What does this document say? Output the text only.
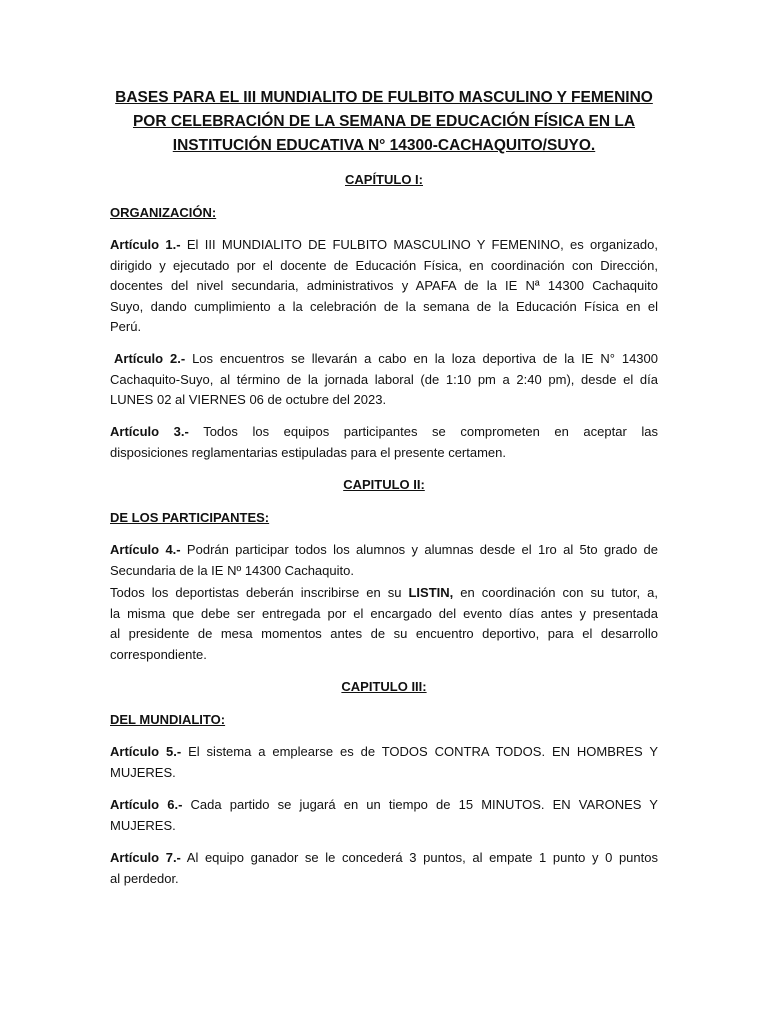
BASES PARA EL III MUNDIALITO DE FULBITO MASCULINO Y FEMENINO
POR CELEBRACIÓN DE LA SEMANA DE EDUCACIÓN FÍSICA EN LA
INSTITUCIÓN EDUCATIVA N° 14300-CACHAQUITO/SUYO.
CAPÍTULO I:
ORGANIZACIÓN:
Artículo 1.- El III MUNDIALITO DE FULBITO MASCULINO Y FEMENINO, es organizado,
dirigido y ejecutado por el docente de Educación Física, en coordinación con Dirección,
docentes del nivel secundaria, administrativos y APAFA de la IE Nª 14300 Cachaquito
Suyo, dando cumplimiento a la celebración de la semana de la Educación Física en el
Perú.
Artículo 2.- Los encuentros se llevarán a cabo en la loza deportiva de la IE N° 14300
Cachaquito-Suyo, al término de la jornada laboral (de 1:10 pm a 2:40 pm), desde el día
LUNES 02 al VIERNES 06 de octubre del 2023.
Artículo 3.- Todos los equipos participantes se comprometen en aceptar las
disposiciones reglamentarias estipuladas para el presente certamen.
CAPITULO II:
DE LOS PARTICIPANTES:
Artículo 4.- Podrán participar todos los alumnos y alumnas desde el 1ro al 5to grado de
Secundaria de la IE Nº 14300 Cachaquito.
Todos los deportistas deberán inscribirse en su LISTIN, en coordinación con su tutor, a,
la misma que debe ser entregada por el encargado del evento días antes y presentada
al presidente de mesa momentos antes de su encuentro deportivo, para el desarrollo
correspondiente.
CAPITULO III:
DEL MUNDIALITO:
Artículo 5.- El sistema a emplearse es de TODOS CONTRA TODOS. EN HOMBRES Y
MUJERES.
Artículo 6.- Cada partido se jugará en un tiempo de 15 MINUTOS. EN VARONES Y
MUJERES.
Artículo 7.- Al equipo ganador se le concederá 3 puntos, al empate 1 punto y 0 puntos
al perdedor.
